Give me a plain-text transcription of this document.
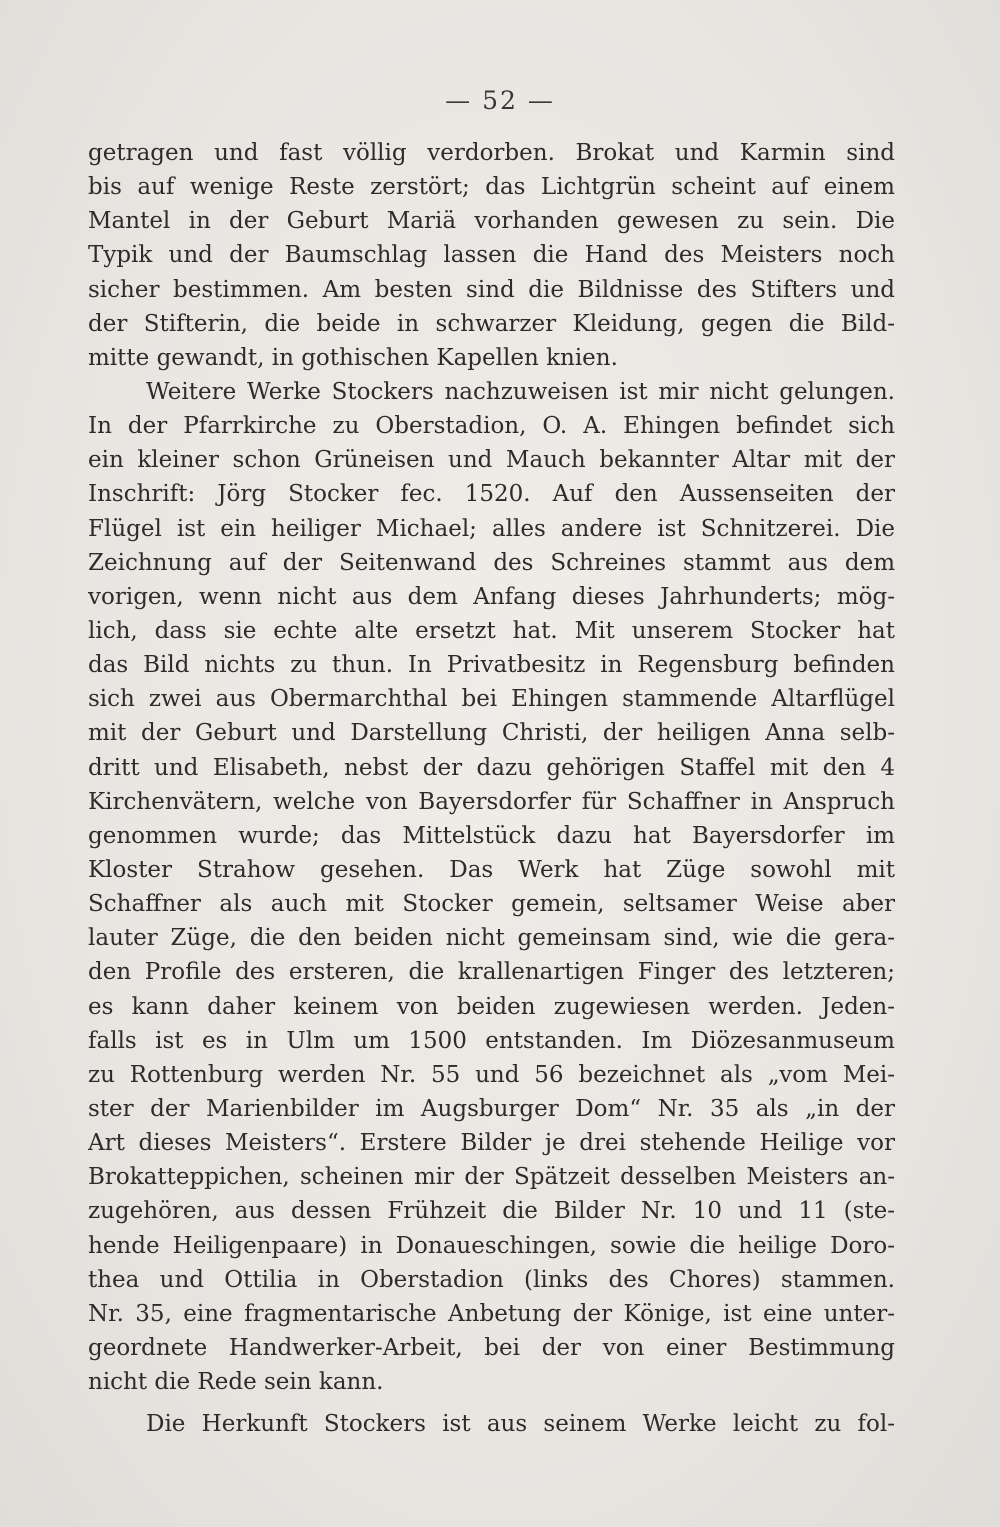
— 52 —
getragen und fast völlig verdorben. Brokat und Karmin sind
bis auf wenige Reste zerstört; das Lichtgrün scheint auf einem
Mantel in der Geburt Mariä vorhanden gewesen zu sein. Die
Typik und der Baumschlag lassen die Hand des Meisters noch
sicher bestimmen. Am besten sind die Bildnisse des Stifters und
der Stifterin, die beide in schwarzer Kleidung, gegen die Bild-
mitte gewandt, in gothischen Kapellen knien.
Weitere Werke Stockers nachzuweisen ist mir nicht gelungen.
In der Pfarrkirche zu Oberstadion, O. A. Ehingen befindet sich
ein kleiner schon Grüneisen und Mauch bekannter Altar mit der
Inschrift: Jörg Stocker fec. 1520. Auf den Aussenseiten der
Flügel ist ein heiliger Michael; alles andere ist Schnitzerei. Die
Zeichnung auf der Seitenwand des Schreines stammt aus dem
vorigen, wenn nicht aus dem Anfang dieses Jahrhunderts; mög-
lich, dass sie echte alte ersetzt hat. Mit unserem Stocker hat
das Bild nichts zu thun. In Privatbesitz in Regensburg befinden
sich zwei aus Obermarchthal bei Ehingen stammende Altarflügel
mit der Geburt und Darstellung Christi, der heiligen Anna selb-
dritt und Elisabeth, nebst der dazu gehörigen Staffel mit den 4
Kirchenvätern, welche von Bayersdorfer für Schaffner in Anspruch
genommen wurde; das Mittelstück dazu hat Bayersdorfer im
Kloster Strahow gesehen. Das Werk hat Züge sowohl mit
Schaffner als auch mit Stocker gemein, seltsamer Weise aber
lauter Züge, die den beiden nicht gemeinsam sind, wie die gera-
den Profile des ersteren, die krallenartigen Finger des letzteren;
es kann daher keinem von beiden zugewiesen werden. Jeden-
falls ist es in Ulm um 1500 entstanden. Im Diözesanmuseum
zu Rottenburg werden Nr. 55 und 56 bezeichnet als „vom Mei-
ster der Marienbilder im Augsburger Dom“ Nr. 35 als „in der
Art dieses Meisters“. Erstere Bilder je drei stehende Heilige vor
Brokatteppichen, scheinen mir der Spätzeit desselben Meisters an-
zugehören, aus dessen Frühzeit die Bilder Nr. 10 und 11 (ste-
hende Heiligenpaare) in Donaueschingen, sowie die heilige Doro-
thea und Ottilia in Oberstadion (links des Chores) stammen.
Nr. 35, eine fragmentarische Anbetung der Könige, ist eine unter-
geordnete Handwerker-Arbeit, bei der von einer Bestimmung
nicht die Rede sein kann.
Die Herkunft Stockers ist aus seinem Werke leicht zu fol-
